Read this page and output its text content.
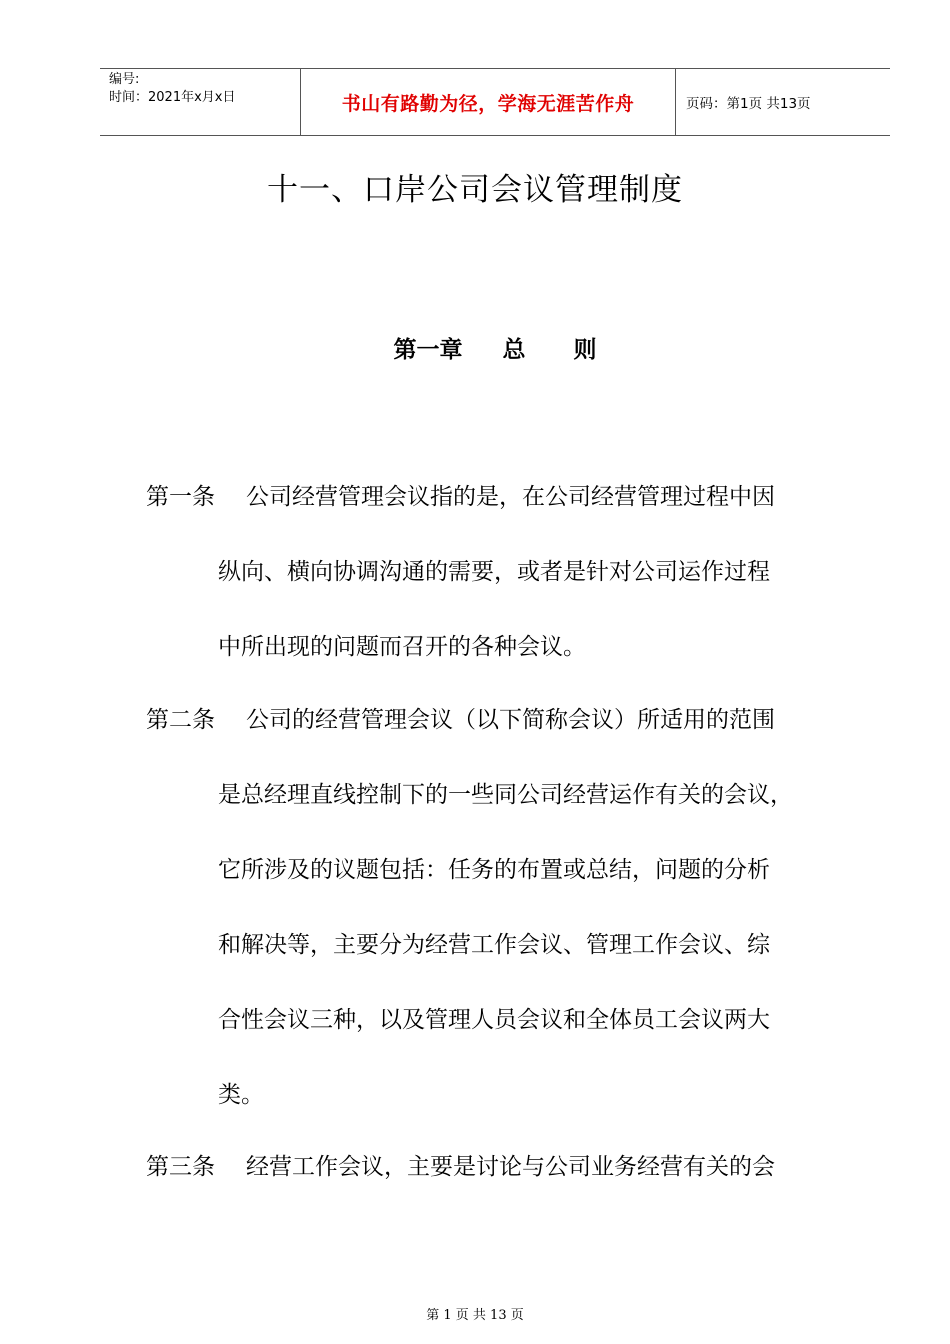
编号:
时间：2021年x月x日	书山有路勤为径，学海无涯苦作舟	页码：第1页 共13页
十一、口岸公司会议管理制度
第一章     总      则
第一条 公司经营管理会议指的是，在公司经营管理过程中因
纵向、横向协调沟通的需要，或者是针对公司运作过程
中所出现的问题而召开的各种会议。
第二条 公司的经营管理会议（以下简称会议）所适用的范围
是总经理直线控制下的一些同公司经营运作有关的会议，
它所涉及的议题包括：任务的布置或总结，问题的分析
和解决等，主要分为经营工作会议、管理工作会议、综
合性会议三种，以及管理人员会议和全体员工会议两大
类。
第三条 经营工作会议，主要是讨论与公司业务经营有关的会
第 1 页 共 13 页
